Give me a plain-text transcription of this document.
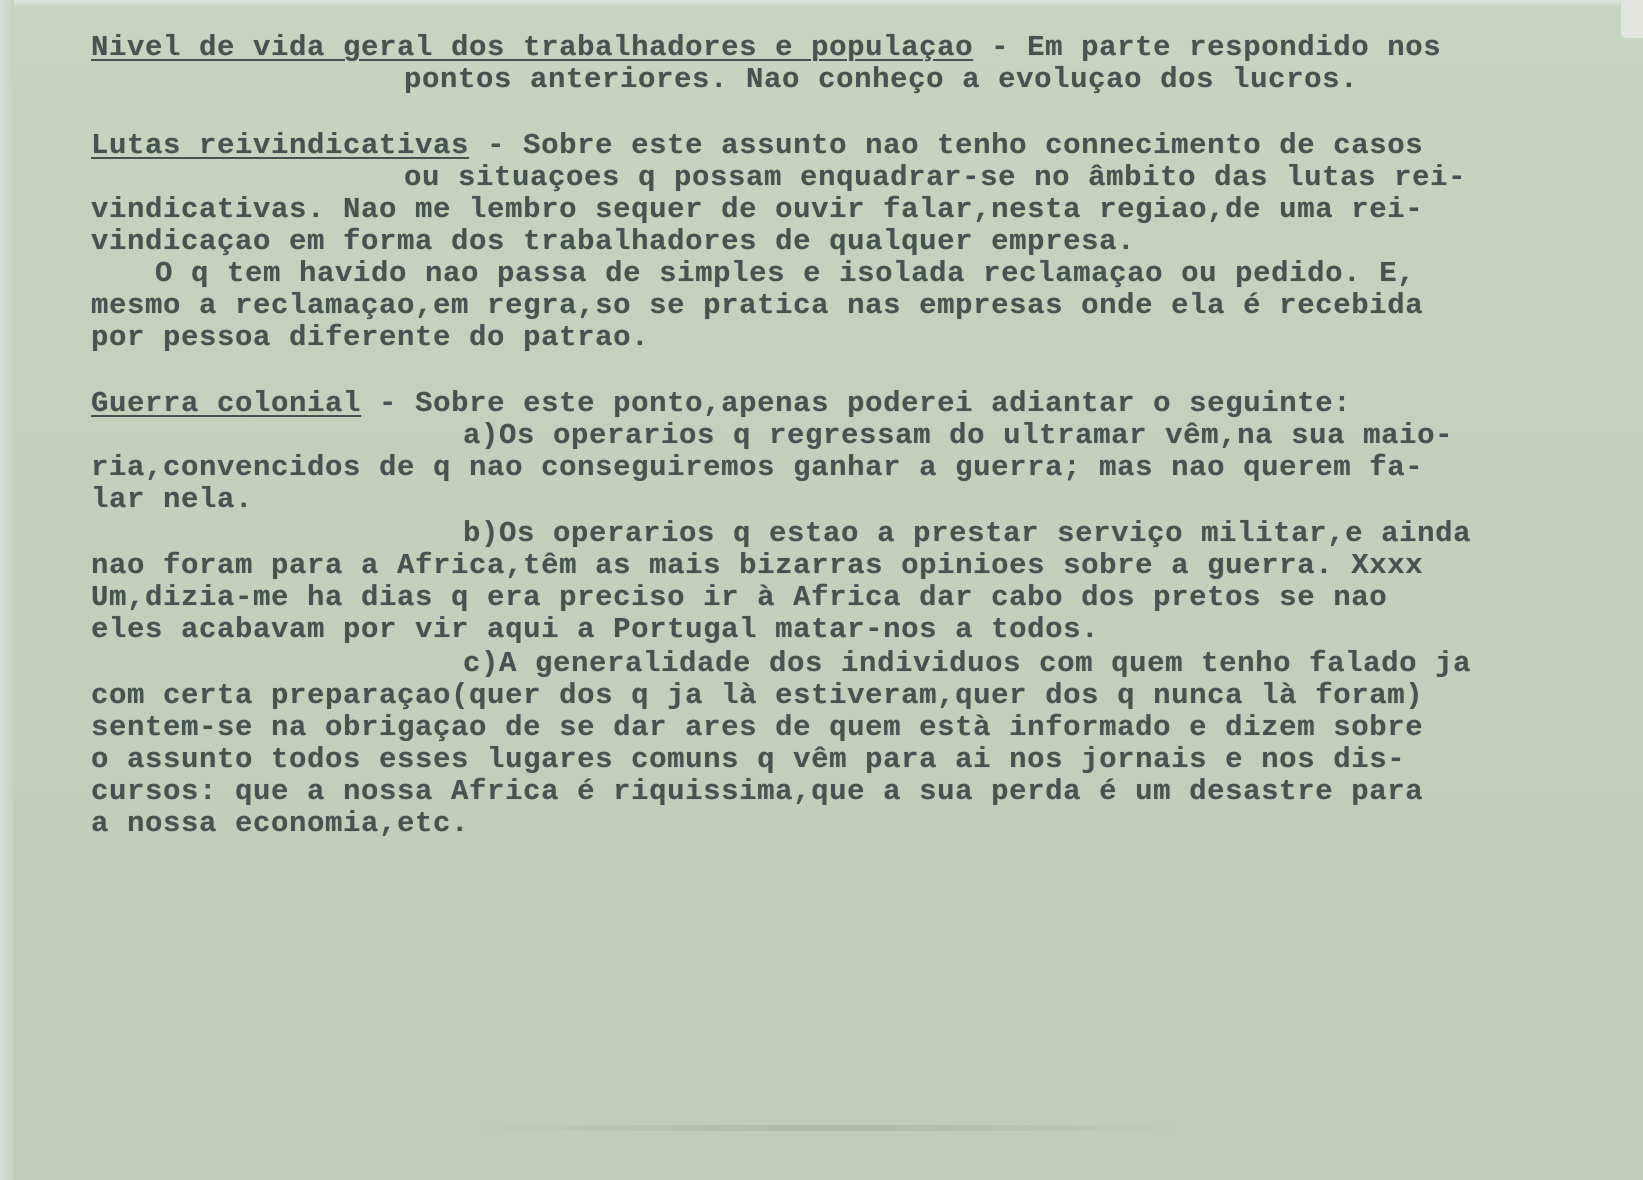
Nivel de vida geral dos trabalhadores e populaçao - Em parte respondido nos

pontos anteriores. Nao conheço a evoluçao dos lucros.

Lutas reivindicativas - Sobre este assunto nao tenho connecimento de casos

ou situaçoes q possam enquadrar-se no âmbito das lutas rei-

vindicativas. Nao me lembro sequer de ouvir falar,nesta regiao,de uma rei-

vindicaçao em forma dos trabalhadores de qualquer empresa.

O q tem havido nao passa de simples e isolada reclamaçao ou pedido. E,

mesmo a reclamaçao,em regra,so se pratica nas empresas onde ela é recebida

por pessoa diferente do patrao.

Guerra colonial - Sobre este ponto,apenas poderei adiantar o seguinte:

a)Os operarios q regressam do ultramar vêm,na sua maio-

ria,convencidos de q nao conseguiremos ganhar a guerra; mas nao querem fa-

lar nela.

b)Os operarios q estao a prestar serviço militar,e ainda

nao foram para a Africa,têm as mais bizarras opinioes sobre a guerra. Xxxx

Um,dizia-me ha dias q era preciso ir à Africa dar cabo dos pretos se nao

eles acabavam por vir aqui a Portugal matar-nos a todos.

c)A generalidade dos individuos com quem tenho falado ja

com certa preparaçao(quer dos q ja là estiveram,quer dos q nunca là foram)

sentem-se na obrigaçao de se dar ares de quem està informado e dizem sobre

o assunto todos esses lugares comuns q vêm para ai nos jornais e nos dis-

cursos: que a nossa Africa é riquissima,que a sua perda é um desastre para

a nossa economia,etc.
